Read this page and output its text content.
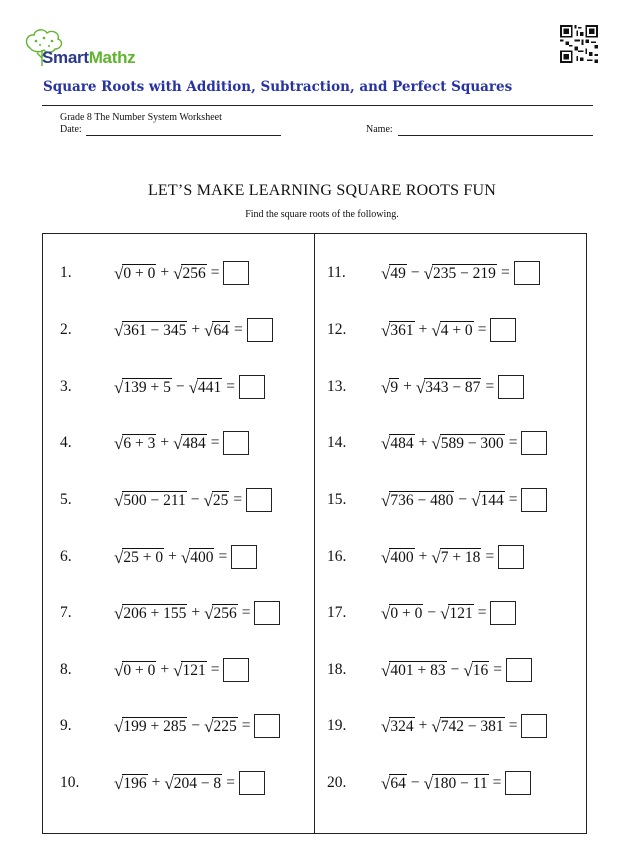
SmartMathz
Square Roots with Addition, Subtraction, and Perfect Squares
Grade 8 The Number System Worksheet
Date:	Name:
LET’S MAKE LEARNING SQUARE ROOTS FUN
Find the square roots of the following.
1.	√ 0 + 0 + √ 256 =
2.	√ 361 − 345 + √ 64 =
3.	√ 139 + 5 − √ 441 =
4.	√ 6 + 3 + √ 484 =
5.	√ 500 − 211 − √ 25 =
6.	√ 25 + 0 + √ 400 =
7.	√ 206 + 155 + √ 256 =
8.	√ 0 + 0 + √ 121 =
9.	√ 199 + 285 − √ 225 =
10.	√ 196 + √ 204 − 8 =
11.	√ 49 − √ 235 − 219 =
12.	√ 361 + √ 4 + 0 =
13.	√ 9 + √ 343 − 87 =
14.	√ 484 + √ 589 − 300 =
15.	√ 736 − 480 − √ 144 =
16.	√ 400 + √ 7 + 18 =
17.	√ 0 + 0 − √ 121 =
18.	√ 401 + 83 − √ 16 =
19.	√ 324 + √ 742 − 381 =
20.	√ 64 − √ 180 − 11 =
